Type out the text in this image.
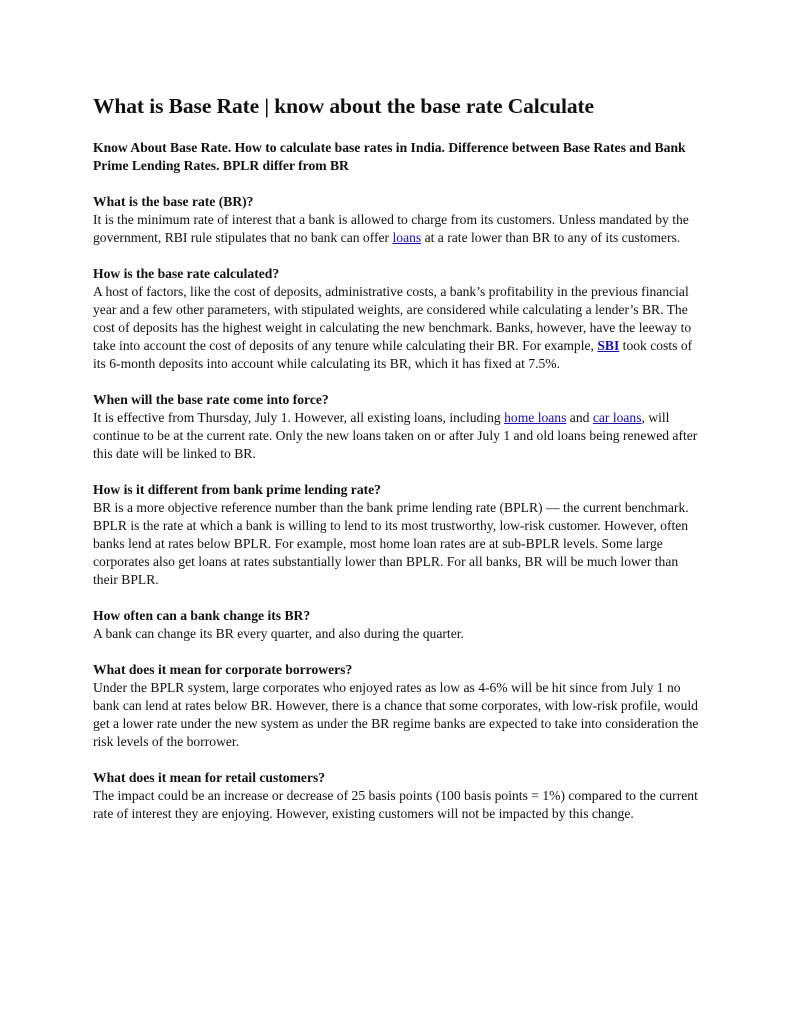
What is Base Rate | know about the base rate Calculate

Know About Base Rate. How to calculate base rates in India. Difference between Base Rates and Bank Prime Lending Rates. BPLR differ from BR

What is the base rate (BR)?

It is the minimum rate of interest that a bank is allowed to charge from its customers. Unless mandated by the government, RBI rule stipulates that no bank can offer loans at a rate lower than BR to any of its customers.

How is the base rate calculated?

A host of factors, like the cost of deposits, administrative costs, a bank’s profitability in the previous financial year and a few other parameters, with stipulated weights, are considered while calculating a lender’s BR. The cost of deposits has the highest weight in calculating the new benchmark. Banks, however, have the leeway to take into account the cost of deposits of any tenure while calculating their BR. For example, SBI took costs of its 6-month deposits into account while calculating its BR, which it has fixed at 7.5%.

When will the base rate come into force?

It is effective from Thursday, July 1. However, all existing loans, including home loans and car loans, will continue to be at the current rate. Only the new loans taken on or after July 1 and old loans being renewed after this date will be linked to BR.

How is it different from bank prime lending rate?

BR is a more objective reference number than the bank prime lending rate (BPLR) — the current benchmark. BPLR is the rate at which a bank is willing to lend to its most trustworthy, low-risk customer. However, often banks lend at rates below BPLR. For example, most home loan rates are at sub-BPLR levels. Some large corporates also get loans at rates substantially lower than BPLR. For all banks, BR will be much lower than their BPLR.

How often can a bank change its BR?

A bank can change its BR every quarter, and also during the quarter.

What does it mean for corporate borrowers?

Under the BPLR system, large corporates who enjoyed rates as low as 4-6% will be hit since from July 1 no bank can lend at rates below BR. However, there is a chance that some corporates, with low-risk profile, would get a lower rate under the new system as under the BR regime banks are expected to take into consideration the risk levels of the borrower.

What does it mean for retail customers?

The impact could be an increase or decrease of 25 basis points (100 basis points = 1%) compared to the current rate of interest they are enjoying. However, existing customers will not be impacted by this change.
